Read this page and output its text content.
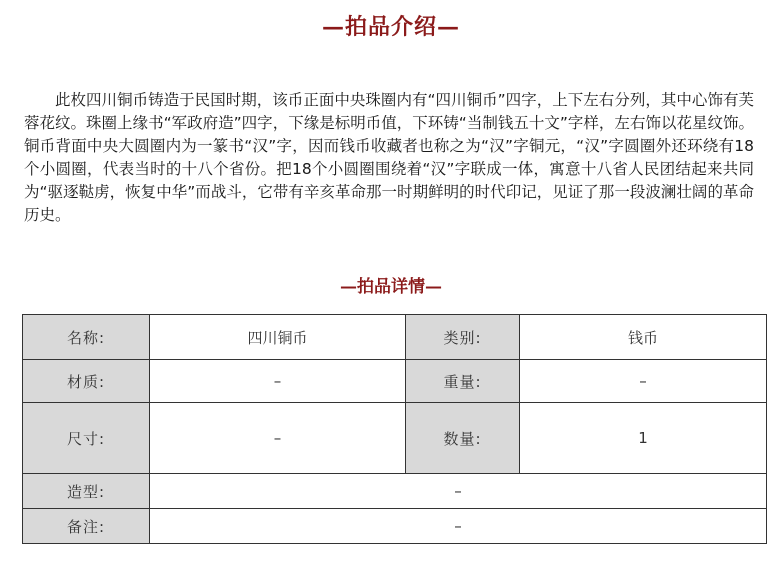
—拍品介绍—

此枚四川铜币铸造于民国时期，该币正面中央珠圈内有“四川铜币”四字，上下左右分列，其中心饰有芙蓉花纹。珠圈上缘书“军政府造”四字，下缘是标明币值，下环铸“当制钱五十文”字样，左右饰以花星纹饰。铜币背面中央大圆圈内为一篆书“汉”字，因而钱币收藏者也称之为“汉”字铜元，“汉”字圆圈外还环绕有18个小圆圈，代表当时的十八个省份。把18个小圆圈围绕着“汉”字联成一体，寓意十八省人民团结起来共同为“驱逐鞑虏，恢复中华”而战斗，它带有辛亥革命那一时期鲜明的时代印记，见证了那一段波澜壮阔的革命历史。

—拍品详情—
名称:	四川铜币	类别:	钱币
材质:	–	重量:	–
尺寸:	–	数量:	1
造型:	–		
备注:	–		
